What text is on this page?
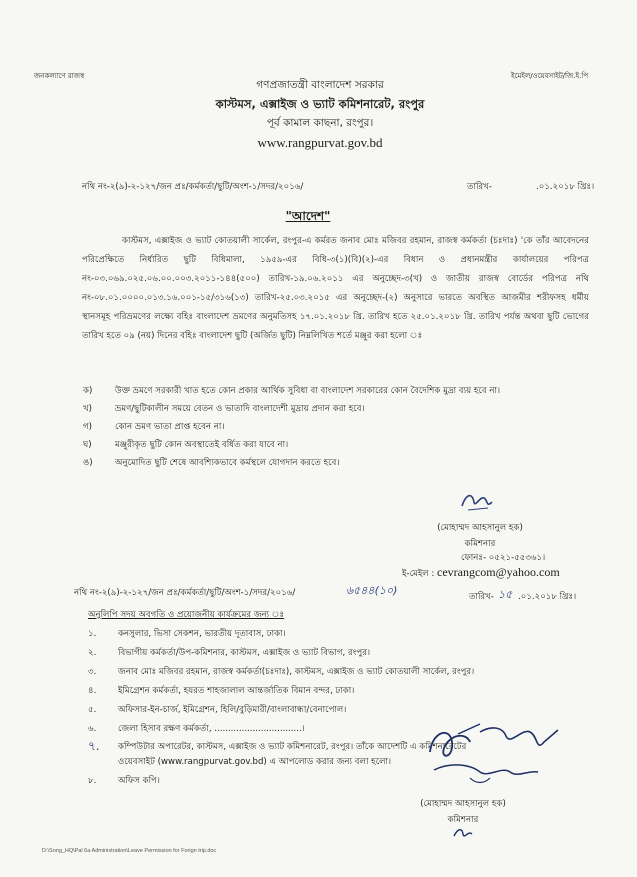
জনকল্যাণে রাজস্ব	ইমেইল/ওয়েবসাইট/জি.ই.পি
গণপ্রজাতন্ত্রী বাংলাদেশ সরকার
কাস্টমস, এক্সাইজ ও ভ্যাট কমিশনারেট, রংপুর
পূর্ব কামাল কাছনা, রংপুর।
www.rangpurvat.gov.bd
নথি নং-২(৯)-২-১২৭/জন প্রঃ/কর্মকর্তা/ছুটি/অংশ-১/সদর/২০১৬/	তারিখ-	.০১.২০১৮ খ্রিঃ।
"আদেশ"
কাস্টমস, এক্সাইজ ও ভ্যাট কোতয়ালী সার্কেল, রংপুর-এ কর্মরত জনাব মোঃ মজিবর রহমান, রাজস্ব কর্মকর্তা (চঃদাঃ) 'কে তাঁর আবেদনের পরিপ্রেক্ষিতে নির্ধারিত ছুটি বিধিমালা, ১৯৫৯-এর বিধি-৩(১)(বি)(২)-এর বিধান ও প্রধানমন্ত্রীর কার্যালয়ের পরিপত্র নং-০৩.০৬৯.০২৫.০৬.০০.০০৩.২০১১-১৪৪(৫০০) তারিখ-১৯.০৬.২০১১ এর অনুচ্ছেদ-৩(খ) ও জাতীয় রাজস্ব বোর্ডের পরিপত্র নথি নং-০৮.০১.০০০০.০১৩.১৬.০০১-১৫/৩১৬(১৩) তারিখ-২৫.০৩.২০১৫ এর অনুচ্ছেদ-(২) অনুসারে ভারতে অবস্থিত আজমীর শরীফসহ ধর্মীয় স্থানসমূহ পরিভ্রমণের লক্ষ্যে বহিঃ বাংলাদেশ ভ্রমণের অনুমতিসহ ১৭.০১.২০১৮ খ্রি. তারিখ হতে ২৫.০১.২০১৮ খ্রি. তারিখ পর্যন্ত অথবা ছুটি ভোগের তারিখ হতে ০৯ (নয়) দিনের বহিঃ বাংলাদেশ ছুটি (অর্জিত ছুটি) নিম্নলিখিত শর্তে মঞ্জুর করা হলো ঃ
ক)	উক্ত ভ্রমণে সরকারী খাত হতে কোন প্রকার আর্থিক সুবিধা বা বাংলাদেশ সরকারের কোন বৈদেশিক মুদ্রা ব্যয় হবে না।
খ)	ভ্রমণ/ছুটিকালীন সময়ে বেতন ও ভাতাদি বাংলাদেশী মুদ্রায় প্রদান করা হবে।
গ)	কোন ভ্রমণ ভাতা প্রাপ্ত হবেন না।
ঘ)	মঞ্জুরীকৃত ছুটি কোন অবস্থাতেই বর্ধিত করা যাবে না।
ঙ)	অনুমোদিত ছুটি শেষে আবশ্যিকভাবে কর্মস্থলে যোগদান করতে হবে।
(মোহাম্মদ আহসানুল হক)
কমিশনার
ফোনঃ- ০৫২১-৫৫৩৬১।
ই-মেইল : cevrangcom@yahoo.com
নথি নং-২(৯)-২-১২৭/জন প্রঃ/কর্মকর্তা/ছুটি/অংশ-১/সদর/২০১৬/	৬৫৪৪(১০)	তারিখ- ১৫ .০১.২০১৮ খ্রিঃ।
অনুলিপি সদয় অবগতি ও প্রয়োজনীয় কার্যক্রমের জন্য ঃ
১.	কনসুলার, ভিসা সেকশন, ভারতীয় দূতাবাস, ঢাকা।
২.	বিভাগীয় কর্মকর্তা/উপ-কমিশনার, কাস্টমস, এক্সাইজ ও ভ্যাট বিভাগ, রংপুর।
৩.	জনাব মোঃ মজিবর রহমান, রাজস্ব কর্মকর্তা(চঃদাঃ), কাস্টমস, এক্সাইজ ও ভ্যাট কোতয়ালী সার্কেল, রংপুর।
৪.	ইমিগ্রেশন কর্মকর্তা, হযরত শাহজালাল আন্তর্জাতিক বিমান বন্দর, ঢাকা।
৫.	অফিসার-ইন-চার্জ, ইমিগ্রেশন, হিলি/বুড়িমারী/বাংলাবান্ধা/বেনাপোল।
৬.	জেলা হিসাব রক্ষণ কর্মকর্তা, ................................।
৭. কম্পিউটার অপারেটর, কাস্টমস, এক্সাইজ ও ভ্যাট কমিশনারেট, রংপুর। তাঁকে আদেশটি এ কমিশনারেটের
ওয়েবসাইট (www.rangpurvat.gov.bd) এ আপলোড করার জন্য বলা হলো।
৮.	অফিস কপি।
(মোহাম্মদ আহসানুল হক)
কমিশনার
D:\Song_HQ\Pal 6a Administration\Leave Permission for Forign trip.doc
